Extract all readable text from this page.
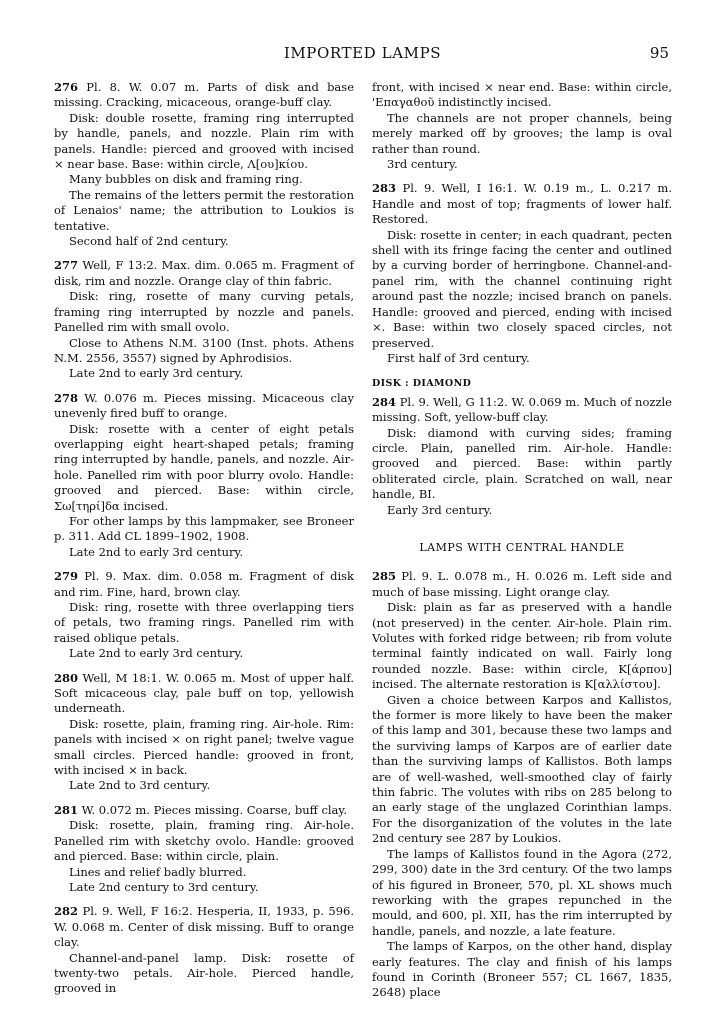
IMPORTED LAMPS	95

276 Pl. 8. W. 0.07 m. Parts of disk and base missing. Cracking, micaceous, orange-buff clay.

Disk: double rosette, framing ring interrupted by handle, panels, and nozzle. Plain rim with panels. Handle: pierced and grooved with incised × near base. Base: within circle, Λ[ου]κίου.

Many bubbles on disk and framing ring.

The remains of the letters permit the restoration of Lenaios' name; the attribution to Loukios is tentative.

Second half of 2nd century.

277 Well, F 13:2. Max. dim. 0.065 m. Fragment of disk, rim and nozzle. Orange clay of thin fabric.

Disk: ring, rosette of many curving petals, framing ring interrupted by nozzle and panels. Panelled rim with small ovolo.

Close to Athens N.M. 3100 (Inst. phots. Athens N.M. 2556, 3557) signed by Aphrodisios.

Late 2nd to early 3rd century.

278 W. 0.076 m. Pieces missing. Micaceous clay unevenly fired buff to orange.

Disk: rosette with a center of eight petals overlapping eight heart-shaped petals; framing ring interrupted by handle, panels, and nozzle. Air-hole. Panelled rim with poor blurry ovolo. Handle: grooved and pierced. Base: within circle, Σω[τηρί]δα incised.

For other lamps by this lampmaker, see Broneer p. 311. Add CL 1899–1902, 1908.

Late 2nd to early 3rd century.

279 Pl. 9. Max. dim. 0.058 m. Fragment of disk and rim. Fine, hard, brown clay.

Disk: ring, rosette with three overlapping tiers of petals, two framing rings. Panelled rim with raised oblique petals.

Late 2nd to early 3rd century.

280 Well, M 18:1. W. 0.065 m. Most of upper half. Soft micaceous clay, pale buff on top, yellowish underneath.

Disk: rosette, plain, framing ring. Air-hole. Rim: panels with incised × on right panel; twelve vague small circles. Pierced handle: grooved in front, with incised × in back.

Late 2nd to 3rd century.

281 W. 0.072 m. Pieces missing. Coarse, buff clay.

Disk: rosette, plain, framing ring. Air-hole. Panelled rim with sketchy ovolo. Handle: grooved and pierced. Base: within circle, plain.

Lines and relief badly blurred.

Late 2nd century to 3rd century.

282 Pl. 9. Well, F 16:2. Hesperia, II, 1933, p. 596. W. 0.068 m. Center of disk missing. Buff to orange clay.

Channel-and-panel lamp. Disk: rosette of twenty-two petals. Air-hole. Pierced handle, grooved in

front, with incised × near end. Base: within circle, 'Επαγαθοῦ indistinctly incised.

The channels are not proper channels, being merely marked off by grooves; the lamp is oval rather than round.

3rd century.

283 Pl. 9. Well, I 16:1. W. 0.19 m., L. 0.217 m. Handle and most of top; fragments of lower half. Restored.

Disk: rosette in center; in each quadrant, pecten shell with its fringe facing the center and outlined by a curving border of herringbone. Channel-and-panel rim, with the channel continuing right around past the nozzle; incised branch on panels. Handle: grooved and pierced, ending with incised ×. Base: within two closely spaced circles, not preserved.

First half of 3rd century.

DISK : DIAMOND

284 Pl. 9. Well, G 11:2. W. 0.069 m. Much of nozzle missing. Soft, yellow-buff clay.

Disk: diamond with curving sides; framing circle. Plain, panelled rim. Air-hole. Handle: grooved and pierced. Base: within partly obliterated circle, plain. Scratched on wall, near handle, ΒΙ.

Early 3rd century.

LAMPS WITH CENTRAL HANDLE

285 Pl. 9. L. 0.078 m., H. 0.026 m. Left side and much of base missing. Light orange clay.

Disk: plain as far as preserved with a handle (not preserved) in the center. Air-hole. Plain rim. Volutes with forked ridge between; rib from volute terminal faintly indicated on wall. Fairly long rounded nozzle. Base: within circle, Κ[άρπου] incised. The alternate restoration is Κ[αλλίστου].

Given a choice between Karpos and Kallistos, the former is more likely to have been the maker of this lamp and 301, because these two lamps and the surviving lamps of Karpos are of earlier date than the surviving lamps of Kallistos. Both lamps are of well-washed, well-smoothed clay of fairly thin fabric. The volutes with ribs on 285 belong to an early stage of the unglazed Corinthian lamps. For the disorganization of the volutes in the late 2nd century see 287 by Loukios.

The lamps of Kallistos found in the Agora (272, 299, 300) date in the 3rd century. Of the two lamps of his figured in Broneer, 570, pl. XL shows much reworking with the grapes repunched in the mould, and 600, pl. XII, has the rim interrupted by handle, panels, and nozzle, a late feature.

The lamps of Karpos, on the other hand, display early features. The clay and finish of his lamps found in Corinth (Broneer 557; CL 1667, 1835, 2648) place
